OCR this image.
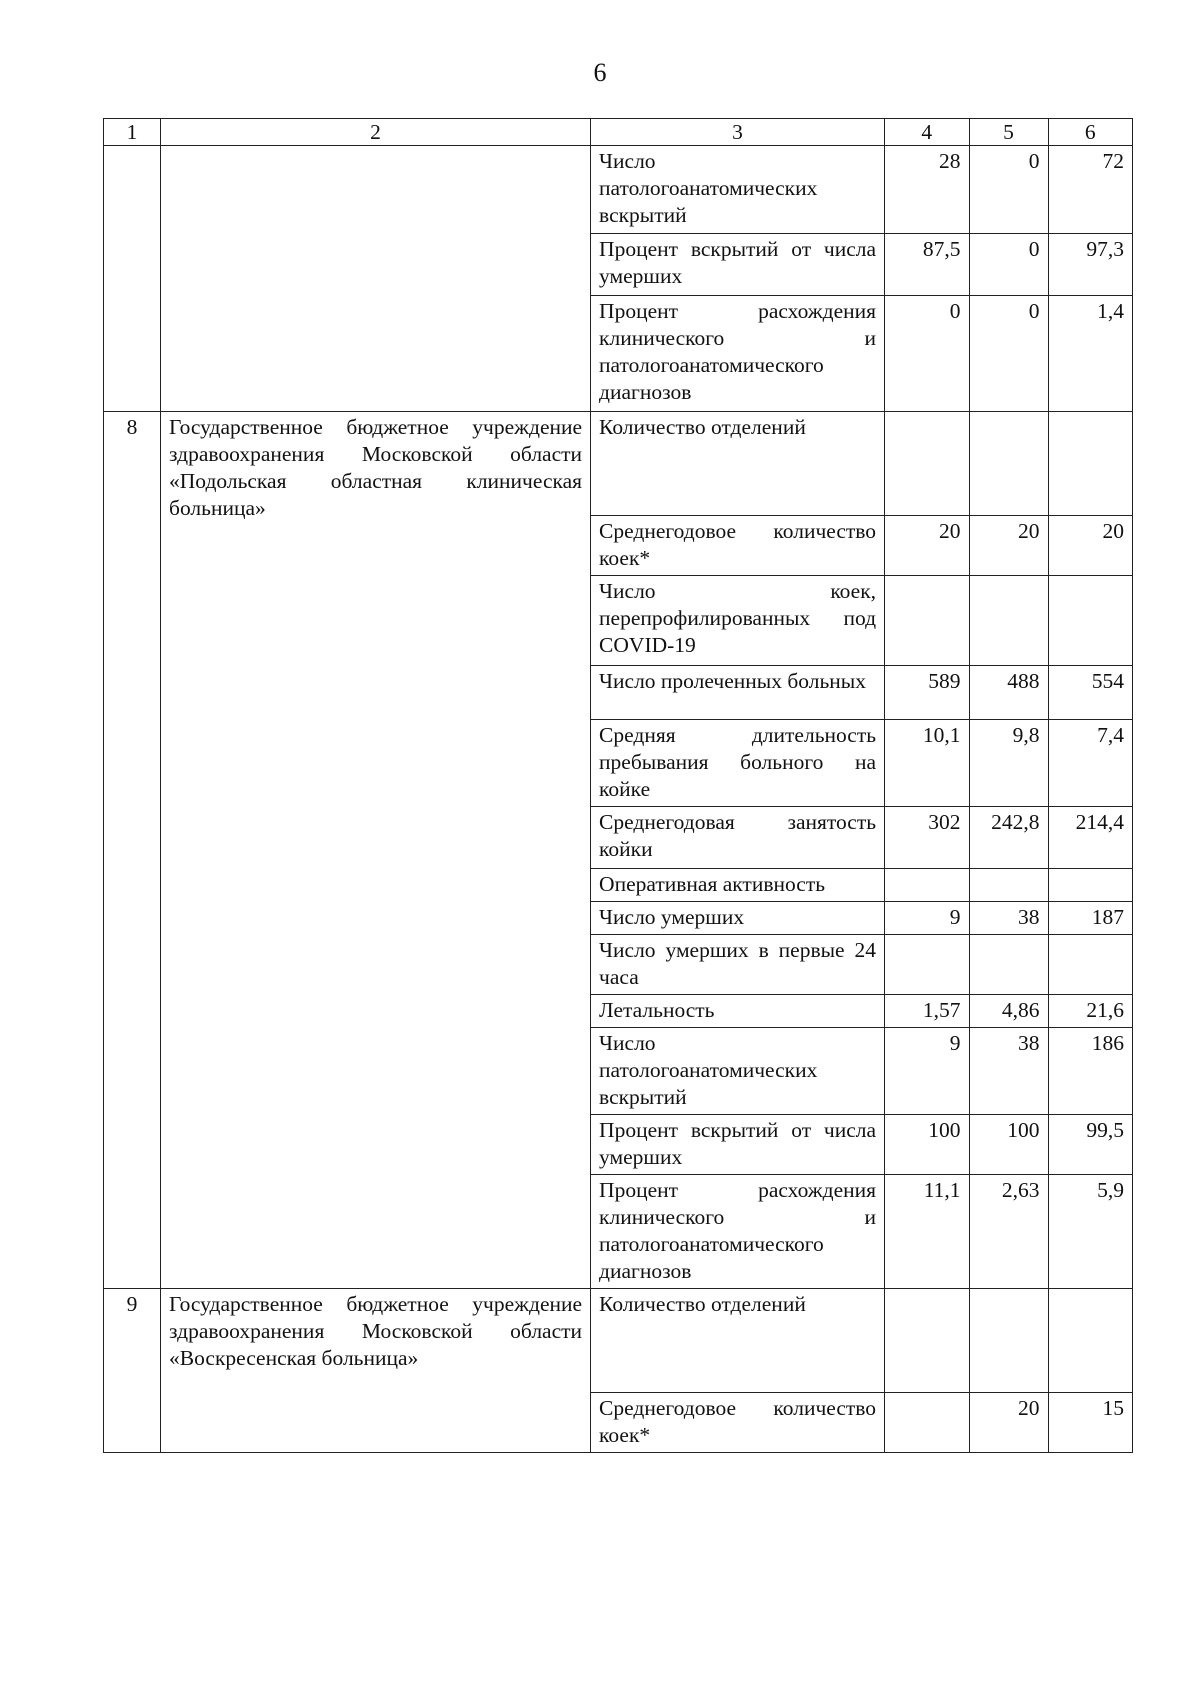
6
1	2	3	4	5	6
		Число патологоанатомических вскрытий	28	0	72
		Процент вскрытий от числа умерших	87,5	0	97,3
		Процент расхождения клинического и патологоанатомического диагнозов	0	0	1,4
8	Государственное бюджетное учреждение здравоохранения Московской области «Подольская областная клиническая больница»	Количество отделений			
		Среднегодовое количество коек*	20	20	20
		Число коек, перепрофилированных под COVID-19			
		Число пролеченных больных	589	488	554
		Средняя длительность пребывания больного на койке	10,1	9,8	7,4
		Среднегодовая занятость койки	302	242,8	214,4
		Оперативная активность			
		Число умерших	9	38	187
		Число умерших в первые 24 часа			
		Летальность	1,57	4,86	21,6
		Число патологоанатомических вскрытий	9	38	186
		Процент вскрытий от числа умерших	100	100	99,5
		Процент расхождения клинического и патологоанатомического диагнозов	11,1	2,63	5,9
9	Государственное бюджетное учреждение здравоохранения Московской области «Воскресенская больница»	Количество отделений			
		Среднегодовое количество коек*		20	15
